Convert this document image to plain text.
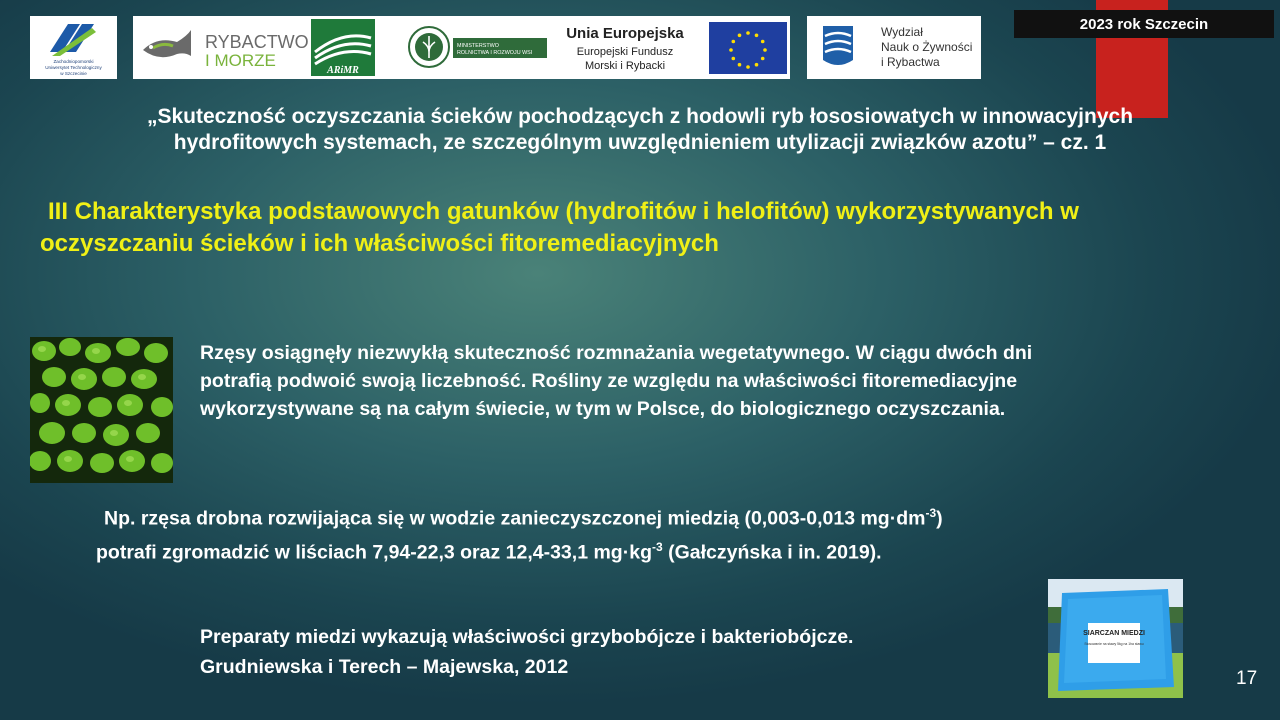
Zachodniopomorski
Uniwersytet Technologiczny
w Szczecinie
RYBACTWO
I MORZE
ARiMR
MINISTERSTWO
ROLNICTWA I ROZWOJU WSI
Unia Europejska
Europejski Fundusz
Morski i Rybacki
Wydział
Nauk o Żywności
i Rybactwa
2023 rok Szczecin
„Skuteczność oczyszczania ścieków pochodzących z hodowli ryb łososiowatych w innowacyjnych
hydrofitowych systemach, ze szczególnym uwzględnieniem utylizacji związków azotu” – cz. 1
III Charakterystyka podstawowych gatunków (hydrofitów i helofitów) wykorzystywanych w
oczyszczaniu ścieków i ich właściwości fitoremediacyjnych
Rzęsy osiągnęły niezwykłą skuteczność rozmnażania wegetatywnego. W ciągu dwóch dni
potrafią podwoić swoją liczebność. Rośliny ze względu na właściwości fitoremediacyjne
wykorzystywane są na całym świecie, w tym w Polsce, do biologicznego oczyszczania.
Np. rzęsa drobna rozwijająca się w wodzie zanieczyszczonej miedzią (0,003-0,013 $mg\cdot dm^{-3}$)
potrafi zgromadzić w liściach 7,94-22,3 oraz 12,4-33,1 $mg\cdot kg^{-3}$ (Gałczyńska i in. 2019).
Preparaty miedzi wykazują właściwości grzybobójcze i bakteriobójcze.
Grudniewska i Terech – Majewska, 2012
SIARCZAN MIEDZI
Stosowanie na stawy 5kg na 1ha stawu
17
